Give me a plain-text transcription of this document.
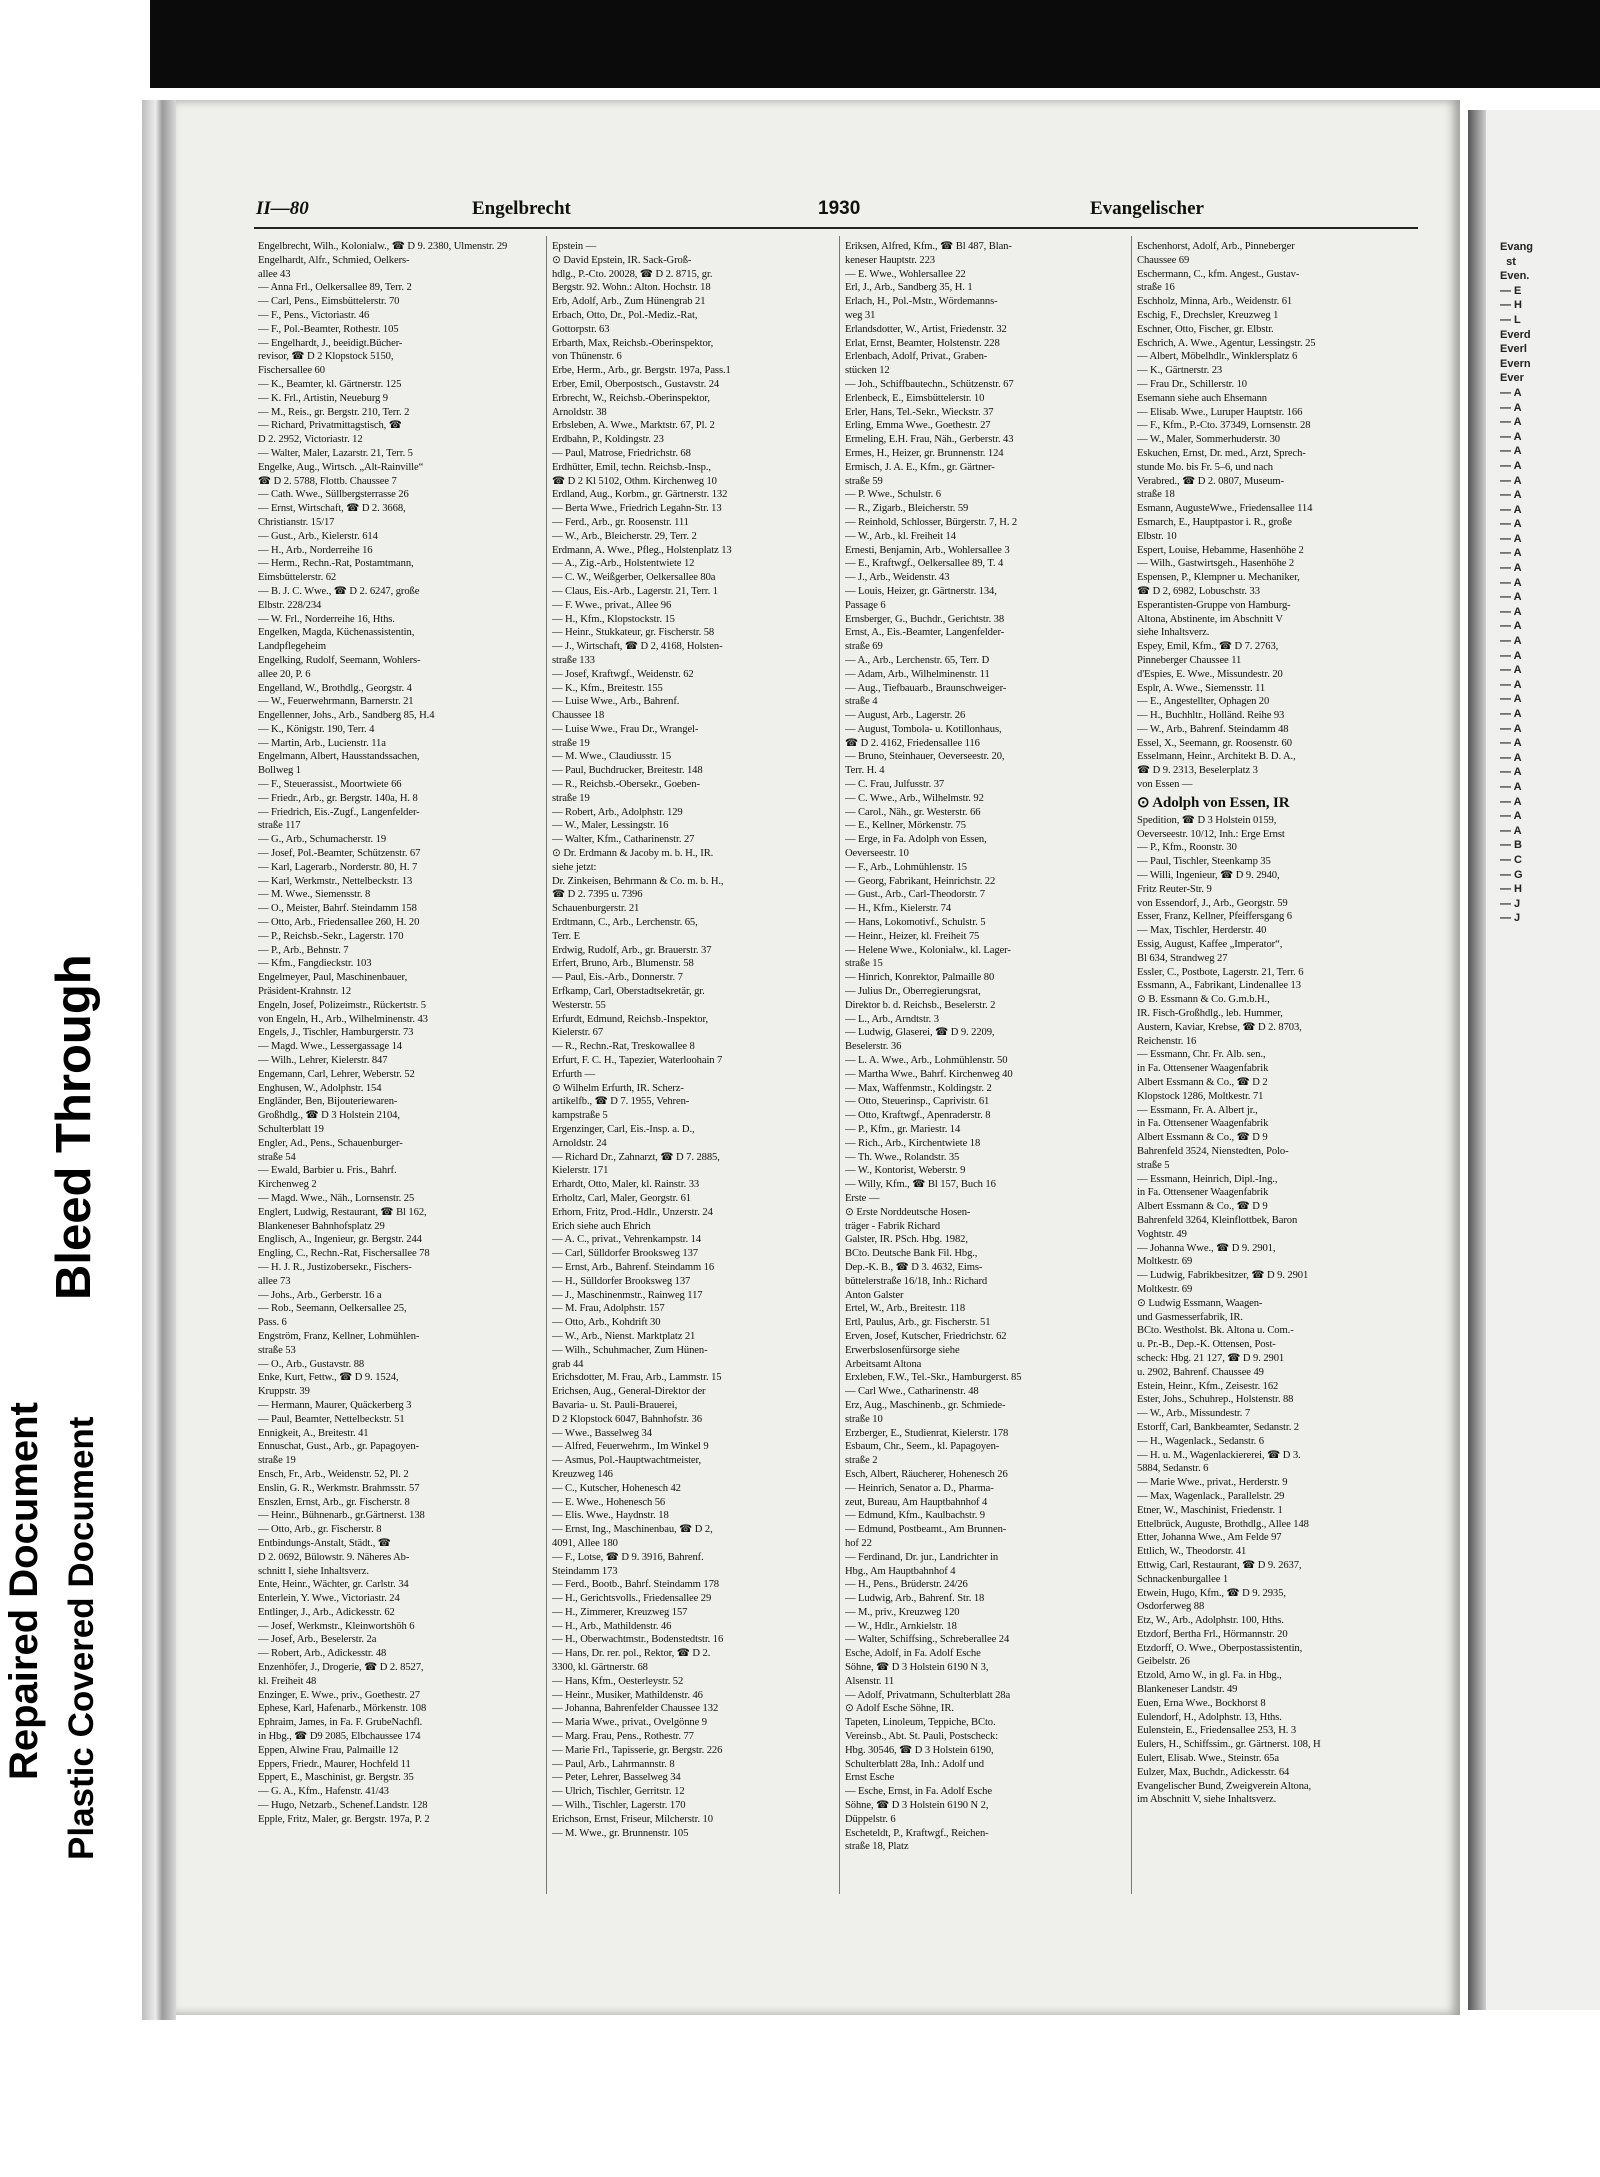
Evang
st
Even.
— E
— H
— L
Everd
Everl
Evern
Ever
— A
— A
— A
— A
— A
— A
— A
— A
— A
— A
— A
— A
— A
— A
— A
— A
— A
— A
— A
— A
— A
— A
— A
— A
— A
— A
— A
— A
— A
— A
— A
— B
— C
— G
— H
— J
— J
II—80	Engelbrecht	1930	Evangelischer
Engelbrecht, Wilh., Kolonialw., ☎ D 9. 2380, Ulmenstr. 29
Engelhardt, Alfr., Schmied, Oelkers-
allee 43
— Anna Frl., Oelkersallee 89, Terr. 2
— Carl, Pens., Eimsbüttelerstr. 70
— F., Pens., Victoriastr. 46
— F., Pol.-Beamter, Rothestr. 105
— Engelhardt, J., beeidigt.Bücher-
revisor, ☎ D 2 Klopstock 5150,
Fischersallee 60
— K., Beamter, kl. Gärtnerstr. 125
— K. Frl., Artistin, Neueburg 9
— M., Reis., gr. Bergstr. 210, Terr. 2
— Richard, Privatmittagstisch, ☎
D 2. 2952, Victoriastr. 12
— Walter, Maler, Lazarstr. 21, Terr. 5
Engelke, Aug., Wirtsch. „Alt-Rainville“
☎ D 2. 5788, Flottb. Chaussee 7
— Cath. Wwe., Süllbergsterrasse 26
— Ernst, Wirtschaft, ☎ D 2. 3668,
Christianstr. 15/17
— Gust., Arb., Kielerstr. 614
— H., Arb., Norderreihe 16
— Herm., Rechn.-Rat, Postamtmann,
Eimsbüttelerstr. 62
— B. J. C. Wwe., ☎ D 2. 6247, große
Elbstr. 228/234
— W. Frl., Norderreihe 16, Hths.
Engelken, Magda, Küchenassistentin,
Landpflegeheim
Engelking, Rudolf, Seemann, Wohlers-
allee 20, P. 6
Engelland, W., Brothdlg., Georgstr. 4
— W., Feuerwehrmann, Barnerstr. 21
Engellenner, Johs., Arb., Sandberg 85, H.4
— K., Königstr. 190, Terr. 4
— Martin, Arb., Lucienstr. 11a
Engelmann, Albert, Hausstandssachen,
Bollweg 1
— F., Steuerassist., Moortwiete 66
— Friedr., Arb., gr. Bergstr. 140a, H. 8
— Friedrich, Eis.-Zugf., Langenfelder-
straße 117
— G., Arb., Schumacherstr. 19
— Josef, Pol.-Beamter, Schützenstr. 67
— Karl, Lagerarb., Norderstr. 80, H. 7
— Karl, Werkmstr., Nettelbeckstr. 13
— M. Wwe., Siemensstr. 8
— O., Meister, Bahrf. Steindamm 158
— Otto, Arb., Friedensallee 260, H. 20
— P., Reichsb.-Sekr., Lagerstr. 170
— P., Arb., Behnstr. 7
— Kfm., Fangdieckstr. 103
Engelmeyer, Paul, Maschinenbauer,
Präsident-Krahnstr. 12
Engeln, Josef, Polizeimstr., Rückertstr. 5
von Engeln, H., Arb., Wilhelminenstr. 43
Engels, J., Tischler, Hamburgerstr. 73
— Magd. Wwe., Lessergassage 14
— Wilh., Lehrer, Kielerstr. 847
Engemann, Carl, Lehrer, Weberstr. 52
Enghusen, W., Adolphstr. 154
Engländer, Ben, Bijouteriewaren-
Großhdlg., ☎ D 3 Holstein 2104,
Schulterblatt 19
Engler, Ad., Pens., Schauenburger-
straße 54
— Ewald, Barbier u. Fris., Bahrf.
Kirchenweg 2
— Magd. Wwe., Näh., Lornsenstr. 25
Englert, Ludwig, Restaurant, ☎ Bl 162,
Blankeneser Bahnhofsplatz 29
Englisch, A., Ingenieur, gr. Bergstr. 244
Engling, C., Rechn.-Rat, Fischersallee 78
— H. J. R., Justizobersekr., Fischers-
allee 73
— Johs., Arb., Gerberstr. 16 a
— Rob., Seemann, Oelkersallee 25,
Pass. 6
Engström, Franz, Kellner, Lohmühlen-
straße 53
— O., Arb., Gustavstr. 88
Enke, Kurt, Fettw., ☎ D 9. 1524,
Kruppstr. 39
— Hermann, Maurer, Quäckerberg 3
— Paul, Beamter, Nettelbeckstr. 51
Ennigkeit, A., Breitestr. 41
Ennuschat, Gust., Arb., gr. Papagoyen-
straße 19
Ensch, Fr., Arb., Weidenstr. 52, Pl. 2
Enslin, G. R., Werkmstr. Brahmsstr. 57
Enszlen, Ernst, Arb., gr. Fischerstr. 8
— Heinr., Bühnenarb., gr.Gärtnerst. 138
— Otto, Arb., gr. Fischerstr. 8
Entbindungs-Anstalt, Städt., ☎
D 2. 0692, Bülowstr. 9. Näheres Ab-
schnitt I, siehe Inhaltsverz.
Ente, Heinr., Wächter, gr. Carlstr. 34
Enterlein, Y. Wwe., Victoriastr. 24
Entlinger, J., Arb., Adickesstr. 62
— Josef, Werkmstr., Kleinwortshöh 6
— Josef, Arb., Beselerstr. 2a
— Robert, Arb., Adickesstr. 48
Enzenhöfer, J., Drogerie, ☎ D 2. 8527,
kl. Freiheit 48
Enzinger, E. Wwe., priv., Goethestr. 27
Ephese, Karl, Hafenarb., Mörkenstr. 108
Ephraim, James, in Fa. F. GrubeNachfl.
in Hbg., ☎ D9 2085, Elbchaussee 174
Eppen, Alwine Frau, Palmaille 12
Eppers, Friedr., Maurer, Hochfeld 11
Eppert, E., Maschinist, gr. Bergstr. 35
— G. A., Kfm., Hafenstr. 41/43
— Hugo, Netzarb., Schenef.Landstr. 128
Epple, Fritz, Maler, gr. Bergstr. 197a, P. 2
Epstein —
⊙ David Epstein, IR. Sack-Groß-
hdlg., P.-Cto. 20028, ☎ D 2. 8715, gr.
Bergstr. 92. Wohn.: Alton. Hochstr. 18
Erb, Adolf, Arb., Zum Hünengrab 21
Erbach, Otto, Dr., Pol.-Mediz.-Rat,
Gottorpstr. 63
Erbarth, Max, Reichsb.-Oberinspektor,
von Thünenstr. 6
Erbe, Herm., Arb., gr. Bergstr. 197a, Pass.1
Erber, Emil, Oberpostsch., Gustavstr. 24
Erbrecht, W., Reichsb.-Oberinspektor,
Arnoldstr. 38
Erbsleben, A. Wwe., Marktstr. 67, Pl. 2
Erdbahn, P., Koldingstr. 23
— Paul, Matrose, Friedrichstr. 68
Erdhütter, Emil, techn. Reichsb.-Insp.,
☎ D 2 Kl 5102, Othm. Kirchenweg 10
Erdland, Aug., Korbm., gr. Gärtnerstr. 132
— Berta Wwe., Friedrich Legahn-Str. 13
— Ferd., Arb., gr. Roosenstr. 111
— W., Arb., Bleicherstr. 29, Terr. 2
Erdmann, A. Wwe., Pfleg., Holstenplatz 13
— A., Zig.-Arb., Holstentwiete 12
— C. W., Weißgerber, Oelkersallee 80a
— Claus, Eis.-Arb., Lagerstr. 21, Terr. 1
— F. Wwe., privat., Allee 96
— H., Kfm., Klopstockstr. 15
— Heinr., Stukkateur, gr. Fischerstr. 58
— J., Wirtschaft, ☎ D 2, 4168, Holsten-
straße 133
— Josef, Kraftwgf., Weidenstr. 62
— K., Kfm., Breitestr. 155
— Luise Wwe., Arb., Bahrenf.
Chaussee 18
— Luise Wwe., Frau Dr., Wrangel-
straße 19
— M. Wwe., Claudiusstr. 15
— Paul, Buchdrucker, Breitestr. 148
— R., Reichsb.-Obersekr., Goeben-
straße 19
— Robert, Arb., Adolphstr. 129
— W., Maler, Lessingstr. 16
— Walter, Kfm., Catharinenstr. 27
⊙ Dr. Erdmann & Jacoby m. b. H., IR.
siehe jetzt:
Dr. Zinkeisen, Behrmann & Co. m. b. H.,
☎ D 2. 7395 u. 7396
Schauenburgerstr. 21
Erdtmann, C., Arb., Lerchenstr. 65,
Terr. E
Erdwig, Rudolf, Arb., gr. Brauerstr. 37
Erfert, Bruno, Arb., Blumenstr. 58
— Paul, Eis.-Arb., Donnerstr. 7
Erfkamp, Carl, Oberstadtsekretär, gr.
Westerstr. 55
Erfurdt, Edmund, Reichsb.-Inspektor,
Kielerstr. 67
— R., Rechn.-Rat, Treskowallee 8
Erfurt, F. C. H., Tapezier, Waterloohain 7
Erfurth —
⊙ Wilhelm Erfurth, IR. Scherz-
artikelfb., ☎ D 7. 1955, Vehren-
kampstraße 5
Ergenzinger, Carl, Eis.-Insp. a. D.,
Arnoldstr. 24
— Richard Dr., Zahnarzt, ☎ D 7. 2885,
Kielerstr. 171
Erhardt, Otto, Maler, kl. Rainstr. 33
Erholtz, Carl, Maler, Georgstr. 61
Erhorn, Fritz, Prod.-Hdlr., Unzerstr. 24
Erich siehe auch Ehrich
— A. C., privat., Vehrenkampstr. 14
— Carl, Sülldorfer Brooksweg 137
— Ernst, Arb., Bahrenf. Steindamm 16
— H., Sülldorfer Brooksweg 137
— J., Maschinenmstr., Rainweg 117
— M. Frau, Adolphstr. 157
— Otto, Arb., Kohdrift 30
— W., Arb., Nienst. Marktplatz 21
— Wilh., Schuhmacher, Zum Hünen-
grab 44
Erichsdotter, M. Frau, Arb., Lammstr. 15
Erichsen, Aug., General-Direktor der
Bavaria- u. St. Pauli-Brauerei,
D 2 Klopstock 6047, Bahnhofstr. 36
— Wwe., Basselweg 34
— Alfred, Feuerwehrm., Im Winkel 9
— Asmus, Pol.-Hauptwachtmeister,
Kreuzweg 146
— C., Kutscher, Hohenesch 42
— E. Wwe., Hohenesch 56
— Elis. Wwe., Haydnstr. 18
— Ernst, Ing., Maschinenbau, ☎ D 2,
4091, Allee 180
— F., Lotse, ☎ D 9. 3916, Bahrenf.
Steindamm 173
— Ferd., Bootb., Bahrf. Steindamm 178
— H., Gerichtsvolls., Friedensallee 29
— H., Zimmerer, Kreuzweg 157
— H., Arb., Mathildenstr. 46
— H., Oberwachtmstr., Bodenstedtstr. 16
— Hans, Dr. rer. pol., Rektor, ☎ D 2.
3300, kl. Gärtnerstr. 68
— Hans, Kfm., Oesterleystr. 52
— Heinr., Musiker, Mathildenstr. 46
— Johanna, Bahrenfelder Chaussee 132
— Maria Wwe., privat., Ovelgönne 9
— Marg. Frau, Pens., Rothestr. 77
— Marie Frl., Tapisserie, gr. Bergstr. 226
— Paul, Arb., Lahrmannstr. 8
— Peter, Lehrer, Basselweg 34
— Ulrich, Tischler, Gerritstr. 12
— Wilh., Tischler, Lagerstr. 170
Erichson, Ernst, Friseur, Milcherstr. 10
— M. Wwe., gr. Brunnenstr. 105
Eriksen, Alfred, Kfm., ☎ Bl 487, Blan-
keneser Hauptstr. 223
— E. Wwe., Wohlersallee 22
Erl, J., Arb., Sandberg 35, H. 1
Erlach, H., Pol.-Mstr., Wördemanns-
weg 31
Erlandsdotter, W., Artist, Friedenstr. 32
Erlat, Ernst, Beamter, Holstenstr. 228
Erlenbach, Adolf, Privat., Graben-
stücken 12
— Joh., Schiffbautechn., Schützenstr. 67
Erlenbeck, E., Eimsbüttelerstr. 10
Erler, Hans, Tel.-Sekr., Wieckstr. 37
Erling, Emma Wwe., Goethestr. 27
Ermeling, E.H. Frau, Näh., Gerberstr. 43
Ermes, H., Heizer, gr. Brunnenstr. 124
Ermisch, J. A. E., Kfm., gr. Gärtner-
straße 59
— P. Wwe., Schulstr. 6
— R., Zigarb., Bleicherstr. 59
— Reinhold, Schlosser, Bürgerstr. 7, H. 2
— W., Arb., kl. Freiheit 14
Ernesti, Benjamin, Arb., Wohlersallee 3
— E., Kraftwgf., Oelkersallee 89, T. 4
— J., Arb., Weidenstr. 43
— Louis, Heizer, gr. Gärtnerstr. 134,
Passage 6
Ernsberger, G., Buchdr., Gerichtstr. 38
Ernst, A., Eis.-Beamter, Langenfelder-
straße 69
— A., Arb., Lerchenstr. 65, Terr. D
— Adam, Arb., Wilhelminenstr. 11
— Aug., Tiefbauarb., Braunschweiger-
straße 4
— August, Arb., Lagerstr. 26
— August, Tombola- u. Kotillonhaus,
☎ D 2. 4162, Friedensallee 116
— Bruno, Steinhauer, Oeverseestr. 20,
Terr. H. 4
— C. Frau, Julfusstr. 37
— C. Wwe., Arb., Wilhelmstr. 92
— Carol., Näh., gr. Westerstr. 66
— E., Kellner, Mörkenstr. 75
— Erge, in Fa. Adolph von Essen,
Oeverseestr. 10
— F., Arb., Lohmühlenstr. 15
— Georg, Fabrikant, Heinrichstr. 22
— Gust., Arb., Carl-Theodorstr. 7
— H., Kfm., Kielerstr. 74
— Hans, Lokomotivf., Schulstr. 5
— Heinr., Heizer, kl. Freiheit 75
— Helene Wwe., Kolonialw., kl. Lager-
straße 15
— Hinrich, Konrektor, Palmaille 80
— Julius Dr., Oberregierungsrat,
Direktor b. d. Reichsb., Beselerstr. 2
— L., Arb., Arndtstr. 3
— Ludwig, Glaserei, ☎ D 9. 2209,
Beselerstr. 36
— L. A. Wwe., Arb., Lohmühlenstr. 50
— Martha Wwe., Bahrf. Kirchenweg 40
— Max, Waffenmstr., Koldingstr. 2
— Otto, Steuerinsp., Caprivistr. 61
— Otto, Kraftwgf., Apenraderstr. 8
— P., Kfm., gr. Mariestr. 14
— Rich., Arb., Kirchentwiete 18
— Th. Wwe., Rolandstr. 35
— W., Kontorist, Weberstr. 9
— Willy, Kfm., ☎ Bl 157, Buch 16
Erste —
⊙ Erste Norddeutsche Hosen-
träger - Fabrik Richard
Galster, IR. PSch. Hbg. 1982,
BCto. Deutsche Bank Fil. Hbg.,
Dep.-K. B., ☎ D 3. 4632, Eims-
büttelerstraße 16/18, Inh.: Richard
Anton Galster
Ertel, W., Arb., Breitestr. 118
Ertl, Paulus, Arb., gr. Fischerstr. 51
Erven, Josef, Kutscher, Friedrichstr. 62
Erwerbslosenfürsorge siehe
Arbeitsamt Altona
Erxleben, F.W., Tel.-Skr., Hamburgerst. 85
— Carl Wwe., Catharinenstr. 48
Erz, Aug., Maschinenb., gr. Schmiede-
straße 10
Erzberger, E., Studienrat, Kielerstr. 178
Esbaum, Chr., Seem., kl. Papagoyen-
straße 2
Esch, Albert, Räucherer, Hohenesch 26
— Heinrich, Senator a. D., Pharma-
zeut, Bureau, Am Hauptbahnhof 4
— Edmund, Kfm., Kaulbachstr. 9
— Edmund, Postbeamt., Am Brunnen-
hof 22
— Ferdinand, Dr. jur., Landrichter in
Hbg., Am Hauptbahnhof 4
— H., Pens., Brüderstr. 24/26
— Ludwig, Arb., Bahrenf. Str. 18
— M., priv., Kreuzweg 120
— W., Hdlr., Arnkielstr. 18
— Walter, Schiffsing., Schreberallee 24
Esche, Adolf, in Fa. Adolf Esche
Söhne, ☎ D 3 Holstein 6190 N 3,
Alsenstr. 11
— Adolf, Privatmann, Schulterblatt 28a
⊙ Adolf Esche Söhne, IR.
Tapeten, Linoleum, Teppiche, BCto.
Vereinsb., Abt. St. Pauli, Postscheck:
Hbg. 30546, ☎ D 3 Holstein 6190,
Schulterblatt 28a, Inh.: Adolf und
Ernst Esche
— Esche, Ernst, in Fa. Adolf Esche
Söhne, ☎ D 3 Holstein 6190 N 2,
Düppelstr. 6
Escheteldt, P., Kraftwgf., Reichen-
straße 18, Platz
Eschenhorst, Adolf, Arb., Pinneberger
Chaussee 69
Eschermann, C., kfm. Angest., Gustav-
straße 16
Eschholz, Minna, Arb., Weidenstr. 61
Eschig, F., Drechsler, Kreuzweg 1
Eschner, Otto, Fischer, gr. Elbstr.
Eschrich, A. Wwe., Agentur, Lessingstr. 25
— Albert, Möbelhdlr., Winklersplatz 6
— K., Gärtnerstr. 23
— Frau Dr., Schillerstr. 10
Esemann siehe auch Ehsemann
— Elisab. Wwe., Luruper Hauptstr. 166
— F., Kfm., P.-Cto. 37349, Lornsenstr. 28
— W., Maler, Sommerhuderstr. 30
Eskuchen, Ernst, Dr. med., Arzt, Sprech-
stunde Mo. bis Fr. 5–6, und nach
Verabred., ☎ D 2. 0807, Museum-
straße 18
Esmann, AugusteWwe., Friedensallee 114
Esmarch, E., Hauptpastor i. R., große
Elbstr. 10
Espert, Louise, Hebamme, Hasenhöhe 2
— Wilh., Gastwirtsgeh., Hasenhöhe 2
Espensen, P., Klempner u. Mechaniker,
☎ D 2, 6982, Lobuschstr. 33
Esperantisten-Gruppe von Hamburg-
Altona, Abstinente, im Abschnitt V
siehe Inhaltsverz.
Espey, Emil, Kfm., ☎ D 7. 2763,
Pinneberger Chaussee 11
d'Espies, E. Wwe., Missundestr. 20
Esplr, A. Wwe., Siemensstr. 11
— E., Angestellter, Ophagen 20
— H., Buchhltr., Holländ. Reihe 93
— W., Arb., Bahrenf. Steindamm 48
Essel, X., Seemann, gr. Roosenstr. 60
Esselmann, Heinr., Architekt B. D. A.,
☎ D 9. 2313, Beselerplatz 3
von Essen —
⊙ Adolph von Essen, IR
Spedition, ☎ D 3 Holstein 0159,
Oeverseestr. 10/12, Inh.: Erge Ernst
— P., Kfm., Roonstr. 30
— Paul, Tischler, Steenkamp 35
— Willi, Ingenieur, ☎ D 9. 2940,
Fritz Reuter-Str. 9
von Essendorf, J., Arb., Georgstr. 59
Esser, Franz, Kellner, Pfeiffersgang 6
— Max, Tischler, Herderstr. 40
Essig, August, Kaffee „Imperator“,
Bl 634, Strandweg 27
Essler, C., Postbote, Lagerstr. 21, Terr. 6
Essmann, A., Fabrikant, Lindenallee 13
⊙ B. Essmann & Co. G.m.b.H.,
IR. Fisch-Großhdlg., leb. Hummer,
Austern, Kaviar, Krebse, ☎ D 2. 8703,
Reichenstr. 16
— Essmann, Chr. Fr. Alb. sen.,
in Fa. Ottensener Waagenfabrik
Albert Essmann & Co., ☎ D 2
Klopstock 1286, Moltkestr. 71
— Essmann, Fr. A. Albert jr.,
in Fa. Ottensener Waagenfabrik
Albert Essmann & Co., ☎ D 9
Bahrenfeld 3524, Nienstedten, Polo-
straße 5
— Essmann, Heinrich, Dipl.-Ing.,
in Fa. Ottensener Waagenfabrik
Albert Essmann & Co., ☎ D 9
Bahrenfeld 3264, Kleinflottbek, Baron
Voghtstr. 49
— Johanna Wwe., ☎ D 9. 2901,
Moltkestr. 69
— Ludwig, Fabrikbesitzer, ☎ D 9. 2901
Moltkestr. 69
⊙ Ludwig Essmann, Waagen-
und Gasmesserfabrik, IR.
BCto. Westholst. Bk. Altona u. Com.-
u. Pr.-B., Dep.-K. Ottensen, Post-
scheck: Hbg. 21 127, ☎ D 9. 2901
u. 2902, Bahrenf. Chaussee 49
Estein, Heinr., Kfm., Zeisestr. 162
Ester, Johs., Schuhrep., Holstenstr. 88
— W., Arb., Missundestr. 7
Estorff, Carl, Bankbeamter, Sedanstr. 2
— H., Wagenlack., Sedanstr. 6
— H. u. M., Wagenlackiererei, ☎ D 3.
5884, Sedanstr. 6
— Marie Wwe., privat., Herderstr. 9
— Max, Wagenlack., Parallelstr. 29
Etner, W., Maschinist, Friedenstr. 1
Ettelbrück, Auguste, Brothdlg., Allee 148
Etter, Johanna Wwe., Am Felde 97
Ettlich, W., Theodorstr. 41
Ettwig, Carl, Restaurant, ☎ D 9. 2637,
Schnackenburgallee 1
Etwein, Hugo, Kfm., ☎ D 9. 2935,
Osdorferweg 88
Etz, W., Arb., Adolphstr. 100, Hths.
Etzdorf, Bertha Frl., Hörmannstr. 20
Etzdorff, O. Wwe., Oberpostassistentin,
Geibelstr. 26
Etzold, Arno W., in gl. Fa. in Hbg.,
Blankeneser Landstr. 49
Euen, Erna Wwe., Bockhorst 8
Eulendorf, H., Adolphstr. 13, Hths.
Eulenstein, E., Friedensallee 253, H. 3
Eulers, H., Schiffssim., gr. Gärtnerst. 108, H
Eulert, Elisab. Wwe., Steinstr. 65a
Eulzer, Max, Buchdr., Adickesstr. 64
Evangelischer Bund, Zweigverein Altona,
im Abschnitt V, siehe Inhaltsverz.
Repaired Document Plastic Covered Document
Bleed Through
